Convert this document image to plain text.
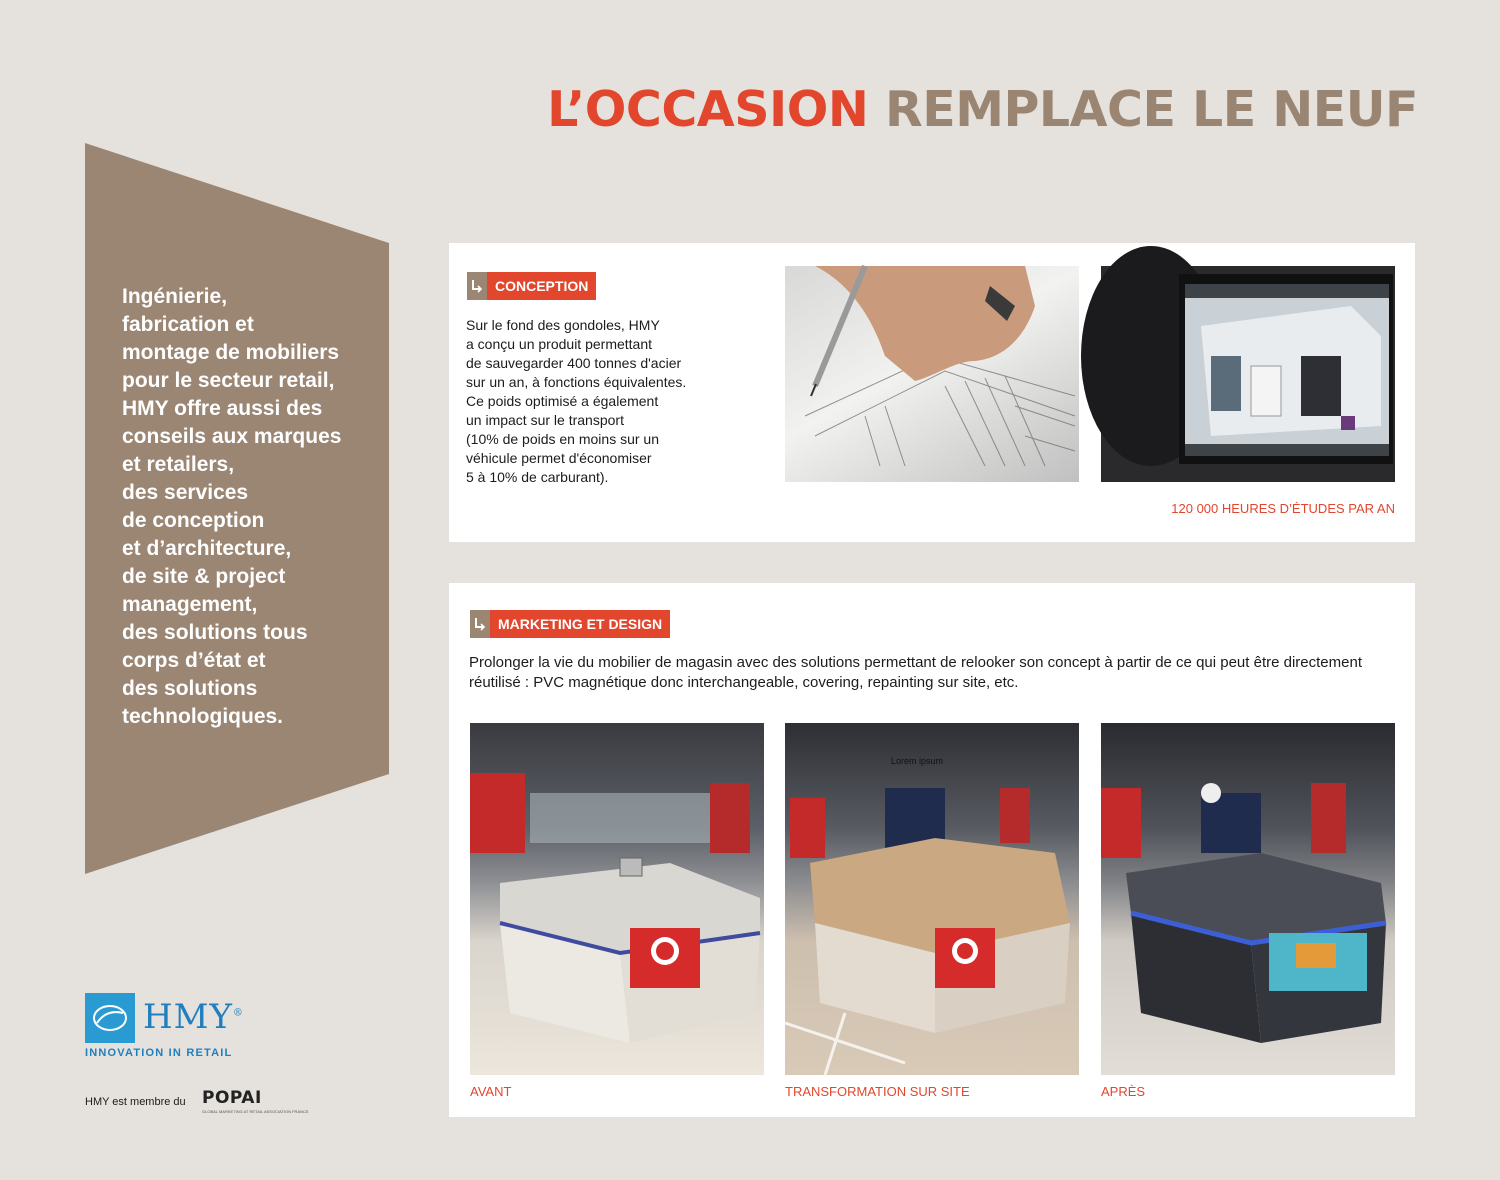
L’OCCASION REMPLACE LE NEUF

Ingénierie,
fabrication et
montage de mobiliers
pour le secteur retail,
HMY offre aussi des
conseils aux marques
et retailers,
des services
de conception
et d’architecture,
de site & project
management,
des solutions tous
corps d’état et
des solutions
technologiques.

CONCEPTION

Sur le fond des gondoles, HMY
a conçu un produit permettant
de sauvegarder 400 tonnes d'acier
sur un an, à fonctions équivalentes.
Ce poids optimisé a également
un impact sur le transport
(10% de poids en moins sur un
véhicule permet d'économiser
5 à 10% de carburant).

120 000 HEURES D’ÉTUDES PAR AN

MARKETING ET DESIGN

Prolonger la vie du mobilier de magasin avec des solutions permettant de relooker son concept à partir de ce qui peut être directement réutilisé : PVC magnétique donc interchangeable, covering, repainting sur site, etc.

AVANT

Lorem ipsum

TRANSFORMATION SUR SITE	APRÈS

HMY®
INNOVATION IN RETAIL
HMY est membre du POPAI
GLOBAL MARKETING AT RETAIL ASSOCIATION FRANCE
